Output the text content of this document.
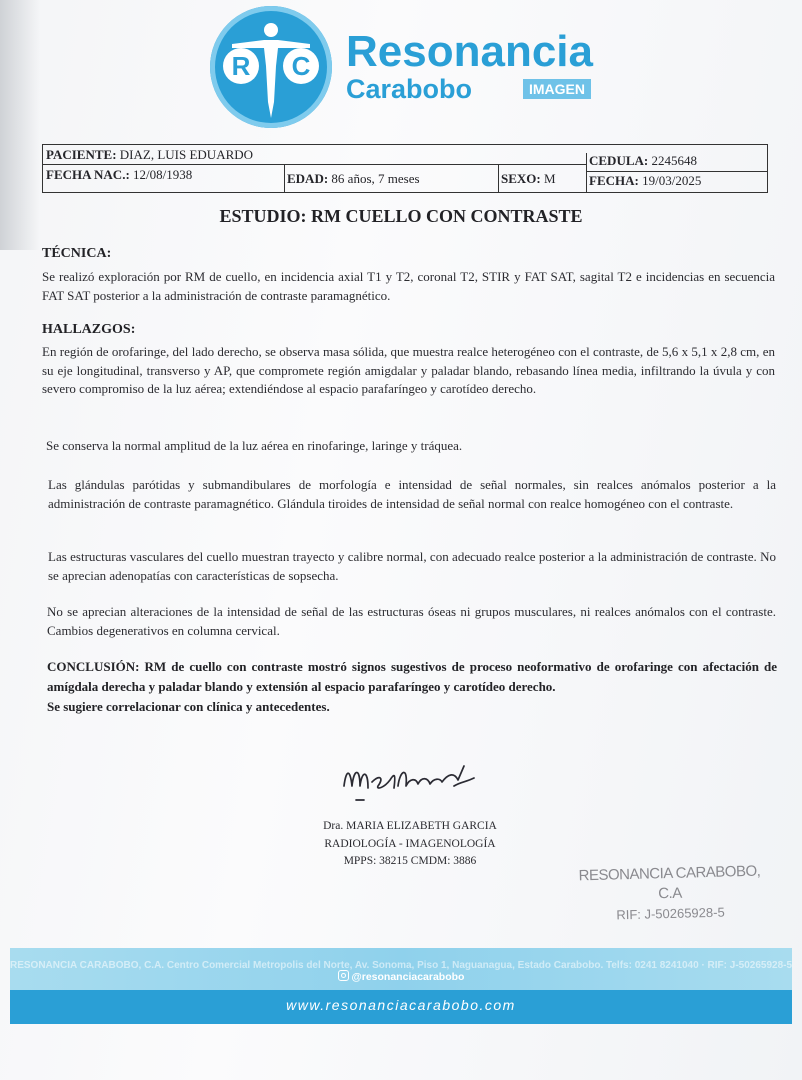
R	C Resonancia
Carabobo	IMAGEN
PACIENTE: DIAZ, LUIS EDUARDO	CEDULA: 2245648
FECHA NAC.: 12/08/1938	EDAD: 86 años, 7 meses	SEXO: M	FECHA: 19/03/2025
ESTUDIO: RM CUELLO CON CONTRASTE
TÉCNICA:
Se realizó exploración por RM de cuello, en incidencia axial T1 y T2, coronal T2, STIR y FAT SAT, sagital T2 e incidencias en secuencia FAT SAT posterior a la administración de contraste paramagnético.
HALLAZGOS:
En región de orofaringe, del lado derecho, se observa masa sólida, que muestra realce heterogéneo con el contraste, de 5,6 x 5,1 x 2,8 cm, en su eje longitudinal, transverso y AP, que compromete región amigdalar y paladar blando, rebasando línea media, infiltrando la úvula y con severo compromiso de la luz aérea; extendiéndose al espacio parafaríngeo y carotídeo derecho.
Se conserva la normal amplitud de la luz aérea en rinofaringe, laringe y tráquea.
Las glándulas parótidas y submandibulares de morfología e intensidad de señal normales, sin realces anómalos posterior a la administración de contraste paramagnético. Glándula tiroides de intensidad de señal normal con realce homogéneo con el contraste.
Las estructuras vasculares del cuello muestran trayecto y calibre normal, con adecuado realce posterior a la administración de contraste. No se aprecian adenopatías con características de sopsecha.
No se aprecian alteraciones de la intensidad de señal de las estructuras óseas ni grupos musculares, ni realces anómalos con el contraste. Cambios degenerativos en columna cervical.
CONCLUSIÓN: RM de cuello con contraste mostró signos sugestivos de proceso neoformativo de orofaringe con afectación de amígdala derecha y paladar blando y extensión al espacio parafaríngeo y carotídeo derecho.
Se sugiere correlacionar con clínica y antecedentes.
Dra. MARIA ELIZABETH GARCIA
RADIOLOGÍA - IMAGENOLOGÍA
MPPS: 38215 CMDM: 3886
RESONANCIA CARABOBO, C.A
RIF: J-50265928-5
RESONANCIA CARABOBO, C.A. Centro Comercial Metropolis del Norte, Av. Sonoma, Piso 1, Naguanagua, Estado Carabobo. Telfs: 0241 8241040 · RIF: J-50265928-5
@resonanciacarabobo
www.resonanciacarabobo.com
